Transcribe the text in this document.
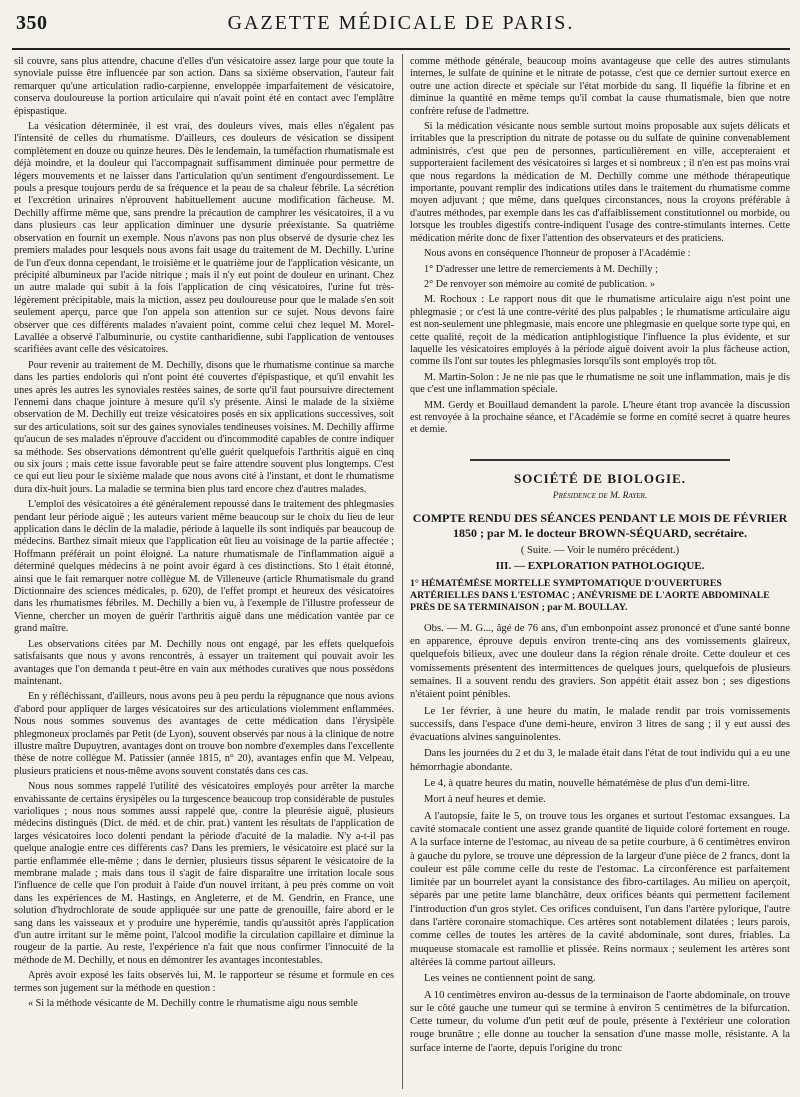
350	GAZETTE MÉDICALE DE PARIS.

sil couvre, sans plus attendre, chacune d'elles d'un vésicatoire assez large pour que toute la synoviale puisse être influencée par son action. Dans sa sixième observation, l'auteur fait remarquer qu'une articulation radio-carpienne, enveloppée imparfaitement de vésicatoire, conserva douloureuse la portion articulaire qui n'avait point été en contact avec l'emplâtre épispastique.

La vésication déterminée, il est vrai, des douleurs vives, mais elles n'égalent pas l'intensité de celles du rhumatisme. D'ailleurs, ces douleurs de vésication se dissipent complètement en douze ou quinze heures. Dès le lendemain, la tuméfaction rhumatismale est déjà moindre, et la douleur qui l'accompagnait suffisamment diminuée pour permettre de légers mouvements et ne laisser dans l'articulation qu'un sentiment d'engourdissement. Le pouls a presque toujours perdu de sa fréquence et la peau de sa chaleur fébrile. La sécrétion et l'excrétion urinaires n'éprouvent habituellement aucune modification fâcheuse. M. Dechilly affirme même que, sans prendre la précaution de camphrer les vésicatoires, il a vu dans plusieurs cas leur application diminuer une dysurie préexistante. Sa quatrième observation en fournit un exemple. Nous n'avons pas non plus observé de dysurie chez les premiers malades pour lesquels nous avons fait usage du traitement de M. Dechilly. L'urine de l'un d'eux donna cependant, le troisième et le quatrième jour de l'application vésicante, un précipité albumineux par l'acide nitrique ; mais il n'y eut point de douleur en urinant. Chez un autre malade qui subit à la fois l'application de cinq vésicatoires, l'urine fut très-légèrement précipitable, mais la miction, assez peu douloureuse pour que le malade s'en soit seulement aperçu, parce que l'on appela son attention sur ce sujet. Nous devons faire observer que ces différents malades n'avaient point, comme celui chez lequel M. Morel-Lavallée a observé l'albuminurie, ou cystite cantharidienne, subi l'application de ventouses scarifiées avant celle des vésicatoires.

Pour revenir au traitement de M. Dechilly, disons que le rhumatisme continue sa marche dans les parties endoloris qui n'ont point été couvertes d'épispastique, et qu'il envahit les unes après les autres les synoviales restées saines, de sorte qu'il faut poursuivre directement l'ennemi dans chaque jointure à mesure qu'il s'y présente. Ainsi le malade de la sixième observation de M. Dechilly eut treize vésicatoires posés en six applications successives, soit sur des articulations, soit sur des gaines synoviales tendineuses voisines. M. Dechilly affirme qu'aucun de ses malades n'éprouve d'accident ou d'incommodité capables de contre indiquer sa méthode. Ses observations démontrent qu'elle guérit quelquefois l'arthritis aiguë en cinq ou six jours ; mais cette issue favorable peut se faire attendre souvent plus longtemps. C'est ce qui eut lieu pour le sixième malade que nous avons cité à l'instant, et dont le rhumatisme dura dix-huit jours. La maladie se termina bien plus tard encore chez d'autres malades.

L'emploi des vésicatoires a été généralement repoussé dans le traitement des phlegmasies pendant leur période aiguë ; les auteurs varient même beaucoup sur le choix du lieu de leur application dans le déclin de la maladie, période à laquelle ils sont indiqués par beaucoup de médecins. Barthez simait mieux que l'application eût lieu au voisinage de la partie affectée ; Hoffmann préférait un point éloigné. La nature rhumatismale de l'inflammation aiguë a déterminé quelques médecins à ne point avoir égard à ces distinctions. Sto l était étonné, ainsi que le fait remarquer notre collègue M. de Villeneuve (article Rhumatismale du grand Dictionnaire des sciences médicales, p. 620), de l'effet prompt et heureux des vésicatoires dans les rhumatismes fébriles. M. Dechilly a bien vu, à l'exemple de l'illustre professeur de Vienne, chercher un moyen de guérir l'arthritis aiguë dans une médication vantée par ce grand maître.

Les observations citées par M. Dechilly nous ont engagé, par les effets quelquefois satisfaisants que nous y avons rencontrés, à essayer un traitement qui pouvait avoir les avantages que l'on demanda t peut-être en vain aux méthodes curatives que nous possédons maintenant.

En y réfléchissant, d'ailleurs, nous avons peu à peu perdu la répugnance que nous avions d'abord pour appliquer de larges vésicatoires sur des articulations violemment enflammées. Nous nous sommes souvenus des avantages de cette médication dans l'érysipèle phlegmoneux proclamés par Petit (de Lyon), souvent observés par nous à la clinique de notre illustre maître Dupuytren, avantages dont on trouve bon nombre d'exemples dans l'excellente thèse de notre collègue M. Patissier (année 1815, n° 20), avantages enfin que M. Velpeau, plusieurs praticiens et nous-même avons souvent constatés dans ces cas.

Nous nous sommes rappelé l'utilité des vésicatoires employés pour arrêter la marche envahissante de certains érysipèles ou la turgescence beaucoup trop considérable de pustules varioliques ; nous nous sommes aussi rappelé que, contre la pleurésie aiguë, plusieurs médecins distingués (Dict. de méd. et de chir. prat.) vantent les résultats de l'application de larges vésicatoires loco dolenti pendant la période d'acuité de la maladie. N'y a-t-il pas quelque analogie entre ces différents cas? Dans les premiers, le vésicatoire est placé sur la partie enflammée elle-même ; dans le dernier, plusieurs tissus séparent le vésicatoire de la membrane malade ; mais dans tous il s'agit de faire disparaître une irritation locale sous l'influence de celle que l'on produit à l'aide d'un nouvel irritant, à peu près comme on voit dans les expériences de M. Hastings, en Angleterre, et de M. Gendrin, en France, une solution d'hydrochlorate de soude appliquée sur une patte de grenouille, faire abord er le sang dans les vaisseaux et y produire une hyperémie, tandis qu'aussitôt après l'application d'un autre irritant sur le même point, l'alcool modifie la circulation capillaire et diminue la rougeur de la partie. Au reste, l'expérience n'a fait que nous confirmer l'innocuité de la méthode de M. Dechilly, et nous en démontrer les avantages incontestables.

Après avoir exposé les faits observés lui, M. le rapporteur se résume et formule en ces termes son jugement sur la méthode en question :

« Si la méthode vésicante de M. Dechilly contre le rhumatisme aigu nous semble

comme méthode générale, beaucoup moins avantageuse que celle des autres stimulants internes, le sulfate de quinine et le nitrate de potasse, c'est que ce dernier surtout exerce en outre une action directe et spéciale sur l'état morbide du sang. Il liquéfie la fibrine et en diminue la quantité en même temps qu'il combat la cause rhumatismale, bien que notre confrère refuse de l'admettre.

Si la médication vésicante nous semble surtout moins proposable aux sujets délicats et irritables que la prescription du nitrate de potasse ou du sulfate de quinine convenablement administrés, c'est que peu de personnes, particulièrement en ville, accepteraient et supporteraient facilement des vésicatoires si larges et si nombreux ; il n'en est pas moins vrai que nous regardons la médication de M. Dechilly comme une méthode thérapeutique importante, pouvant remplir des indications utiles dans le traitement du rhumatisme comme moyen adjuvant ; que même, dans quelques circonstances, nous la croyons préférable à d'autres méthodes, par exemple dans les cas d'affaiblissement constitutionnel ou morbide, ou lorsque les troubles digestifs contre-indiquent l'usage des contre-stimulants internes. Cette médication mérite donc de fixer l'attention des observateurs et des praticiens.

Nous avons en conséquence l'honneur de proposer à l'Académie :

1° D'adresser une lettre de remerciements à M. Dechilly ;

2° De renvoyer son mémoire au comité de publication. »

M. Rochoux : Le rapport nous dit que le rhumatisme articulaire aigu n'est point une phlegmasie ; or c'est là une contre-vérité des plus palpables ; le rhumatisme articulaire aigu est non-seulement une phlegmasie, mais encore une phlegmasie en quelque sorte type qui, en cette qualité, reçoit de la médication antiphlogistique l'influence la plus évidente, et sur laquelle les vésicatoires employés à la période aiguë doivent avoir la plus fâcheuse action, comme ils l'ont sur toutes les phlegmasies lorsqu'ils sont employés trop tôt.

M. Martin-Solon : Je ne nie pas que le rhumatisme ne soit une inflammation, mais je dis que c'est une inflammation spéciale.

MM. Gerdy et Bouillaud demandent la parole. L'heure étant trop avancée la discussion est renvoyée à la prochaine séance, et l'Académie se forme en comité secret à quatre heures et demie.

SOCIÉTÉ DE BIOLOGIE.
Présidence de M. Rayer.
COMPTE RENDU DES SÉANCES PENDANT LE MOIS DE FÉVRIER 1850 ; par M. le docteur BROWN-SÉQUARD, secrétaire.
( Suite. — Voir le numéro précédent.)
III. — EXPLORATION PATHOLOGIQUE.
1° HÉMATÉMÈSE MORTELLE SYMPTOMATIQUE D'OUVERTURES ARTÉRIELLES DANS L'ESTOMAC ; ANÉVRISME DE L'AORTE ABDOMINALE PRÈS DE SA TERMINAISON ; par M. BOULLAY.

Obs. — M. G..., âgé de 76 ans, d'un embonpoint assez prononcé et d'une santé bonne en apparence, éprouve depuis environ trente-cinq ans des vomissements glaireux, quelquefois bilieux, avec une douleur dans la région rénale droite. Cette douleur et ces vomissements présentent des intermittences de quelques jours, quelquefois de plusieurs semaines. Il a souvent rendu des graviers. Son appétit était assez bon ; ses digestions n'étaient point pénibles.

Le 1er février, à une heure du matin, le malade rendit par trois vomissements successifs, dans l'espace d'une demi-heure, environ 3 litres de sang ; il y eut aussi des évacuations alvines sanguinolentes.

Dans les journées du 2 et du 3, le malade était dans l'état de tout individu qui a eu une hémorrhagie abondante.

Le 4, à quatre heures du matin, nouvelle hématémèse de plus d'un demi-litre.

Mort à neuf heures et demie.

A l'autopsie, faite le 5, on trouve tous les organes et surtout l'estomac exsangues. La cavité stomacale contient une assez grande quantité de liquide coloré fortement en rouge. A la surface interne de l'estomac, au niveau de sa petite courbure, à 6 centimètres environ à gauche du pylore, se trouve une dépression de la largeur d'une pièce de 2 francs, dont la couleur est pâle comme celle du reste de l'estomac. La circonférence est parfaitement limitée par un bourrelet ayant la consistance des fibro-cartilages. Au milieu on aperçoit, séparés par une petite lame blanchâtre, deux orifices béants qui permettent facilement l'introduction d'un gros stylet. Ces orifices conduisent, l'un dans l'artère pylorique, l'autre dans l'artère coronaire stomachique. Ces artères sont notablement dilatées ; leurs parois, comme celles de toutes les artères de la cavité abdominale, sont dures, friables. La muqueuse stomacale est ramollie et plissée. Reins normaux ; seulement les artères sont altérées là comme partout ailleurs.

Les veines ne contiennent point de sang.

A 10 centimètres environ au-dessus de la terminaison de l'aorte abdominale, on trouve sur le côté gauche une tumeur qui se termine à environ 5 centimètres de la bifurcation. Cette tumeur, du volume d'un petit œuf de poule, présente à l'extérieur une coloration rouge brunâtre ; elle donne au toucher la sensation d'une masse molle, résistante. A la surface interne de l'aorte, depuis l'origine du tronc
